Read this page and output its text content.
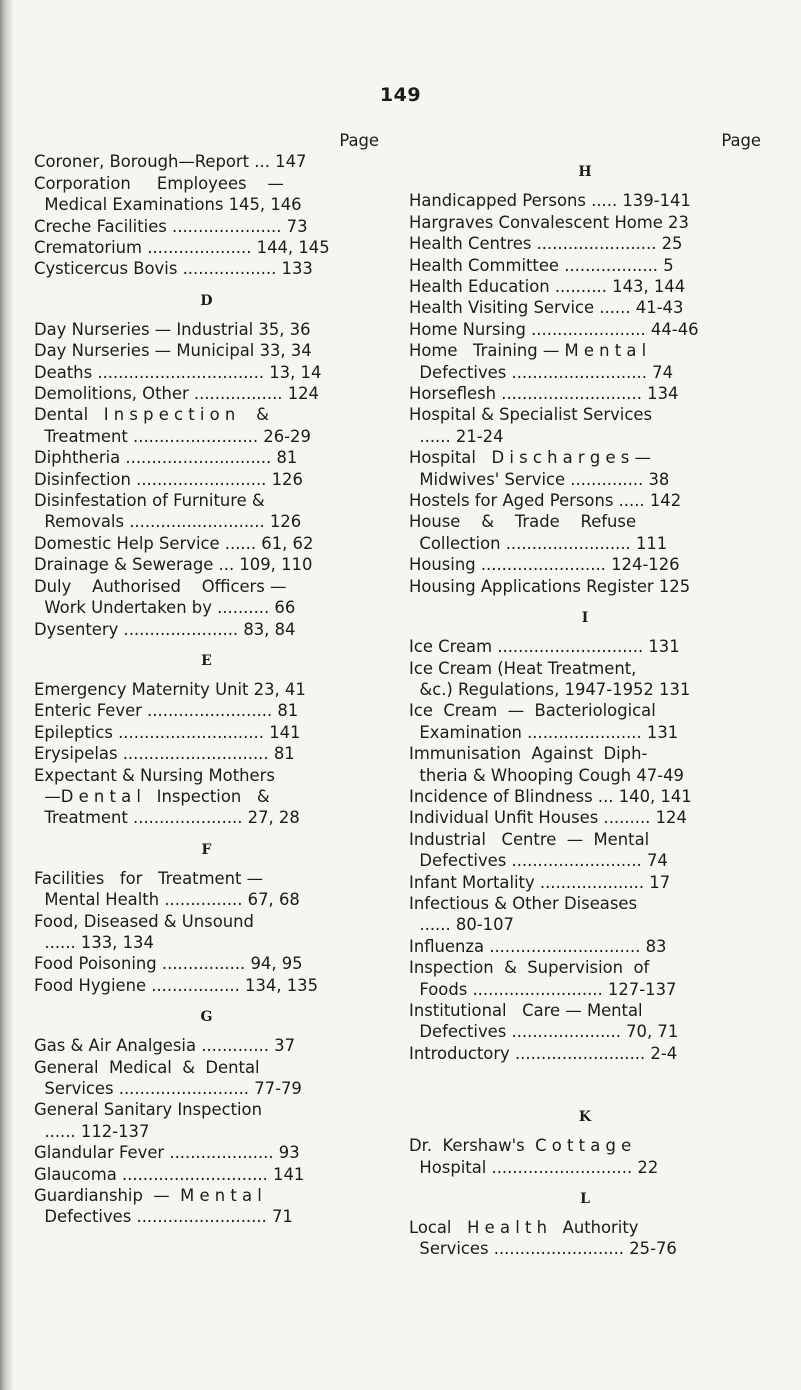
149
Page
Coroner, Borough—Report ... 147
Corporation     Employees    —
Medical Examinations 145, 146
Creche Facilities ..................... 73
Crematorium .................... 144, 145
Cysticercus Bovis .................. 133
D
Day Nurseries — Industrial 35, 36
Day Nurseries — Municipal 33, 34
Deaths ................................ 13, 14
Demolitions, Other ................. 124
Dental   I n s p e c t i o n    &
Treatment ........................ 26-29
Diphtheria ............................ 81
Disinfection ......................... 126
Disinfestation of Furniture &
Removals .......................... 126
Domestic Help Service ...... 61, 62
Drainage & Sewerage ... 109, 110
Duly    Authorised    Officers —
Work Undertaken by .......... 66
Dysentery ...................... 83, 84
E
Emergency Maternity Unit 23, 41
Enteric Fever ........................ 81
Epileptics ............................ 141
Erysipelas ............................ 81
Expectant & Nursing Mothers
—D e n t a l   Inspection   &
Treatment ..................... 27, 28
F
Facilities   for   Treatment —
Mental Health ............... 67, 68
Food, Diseased & Unsound
...... 133, 134
Food Poisoning ................ 94, 95
Food Hygiene ................. 134, 135
G
Gas & Air Analgesia ............. 37
General  Medical  &  Dental
Services ......................... 77-79
General Sanitary Inspection
...... 112-137
Glandular Fever .................... 93
Glaucoma ............................ 141
Guardianship  —  M e n t a l
Defectives ......................... 71
Page
H
Handicapped Persons ..... 139-141
Hargraves Convalescent Home 23
Health Centres ....................... 25
Health Committee .................. 5
Health Education .......... 143, 144
Health Visiting Service ...... 41-43
Home Nursing ...................... 44-46
Home   Training — M e n t a l
Defectives .......................... 74
Horseflesh ........................... 134
Hospital & Specialist Services
...... 21-24
Hospital   D i s c h a r g e s —
Midwives' Service .............. 38
Hostels for Aged Persons ..... 142
House    &    Trade    Refuse
Collection ........................ 111
Housing ........................ 124-126
Housing Applications Register 125
I
Ice Cream ............................ 131
Ice Cream (Heat Treatment,
&c.) Regulations, 1947-1952 131
Ice  Cream  —  Bacteriological
Examination ...................... 131
Immunisation  Against  Diph-
theria & Whooping Cough 47-49
Incidence of Blindness ... 140, 141
Individual Unfit Houses ......... 124
Industrial   Centre  —  Mental
Defectives ......................... 74
Infant Mortality .................... 17
Infectious & Other Diseases
...... 80-107
Influenza ............................. 83
Inspection  &  Supervision  of
Foods ......................... 127-137
Institutional   Care — Mental
Defectives ..................... 70, 71
Introductory ......................... 2-4
K
Dr.  Kershaw's  C o t t a g e
Hospital ........................... 22
L
Local   H e a l t h   Authority
Services ......................... 25-76
